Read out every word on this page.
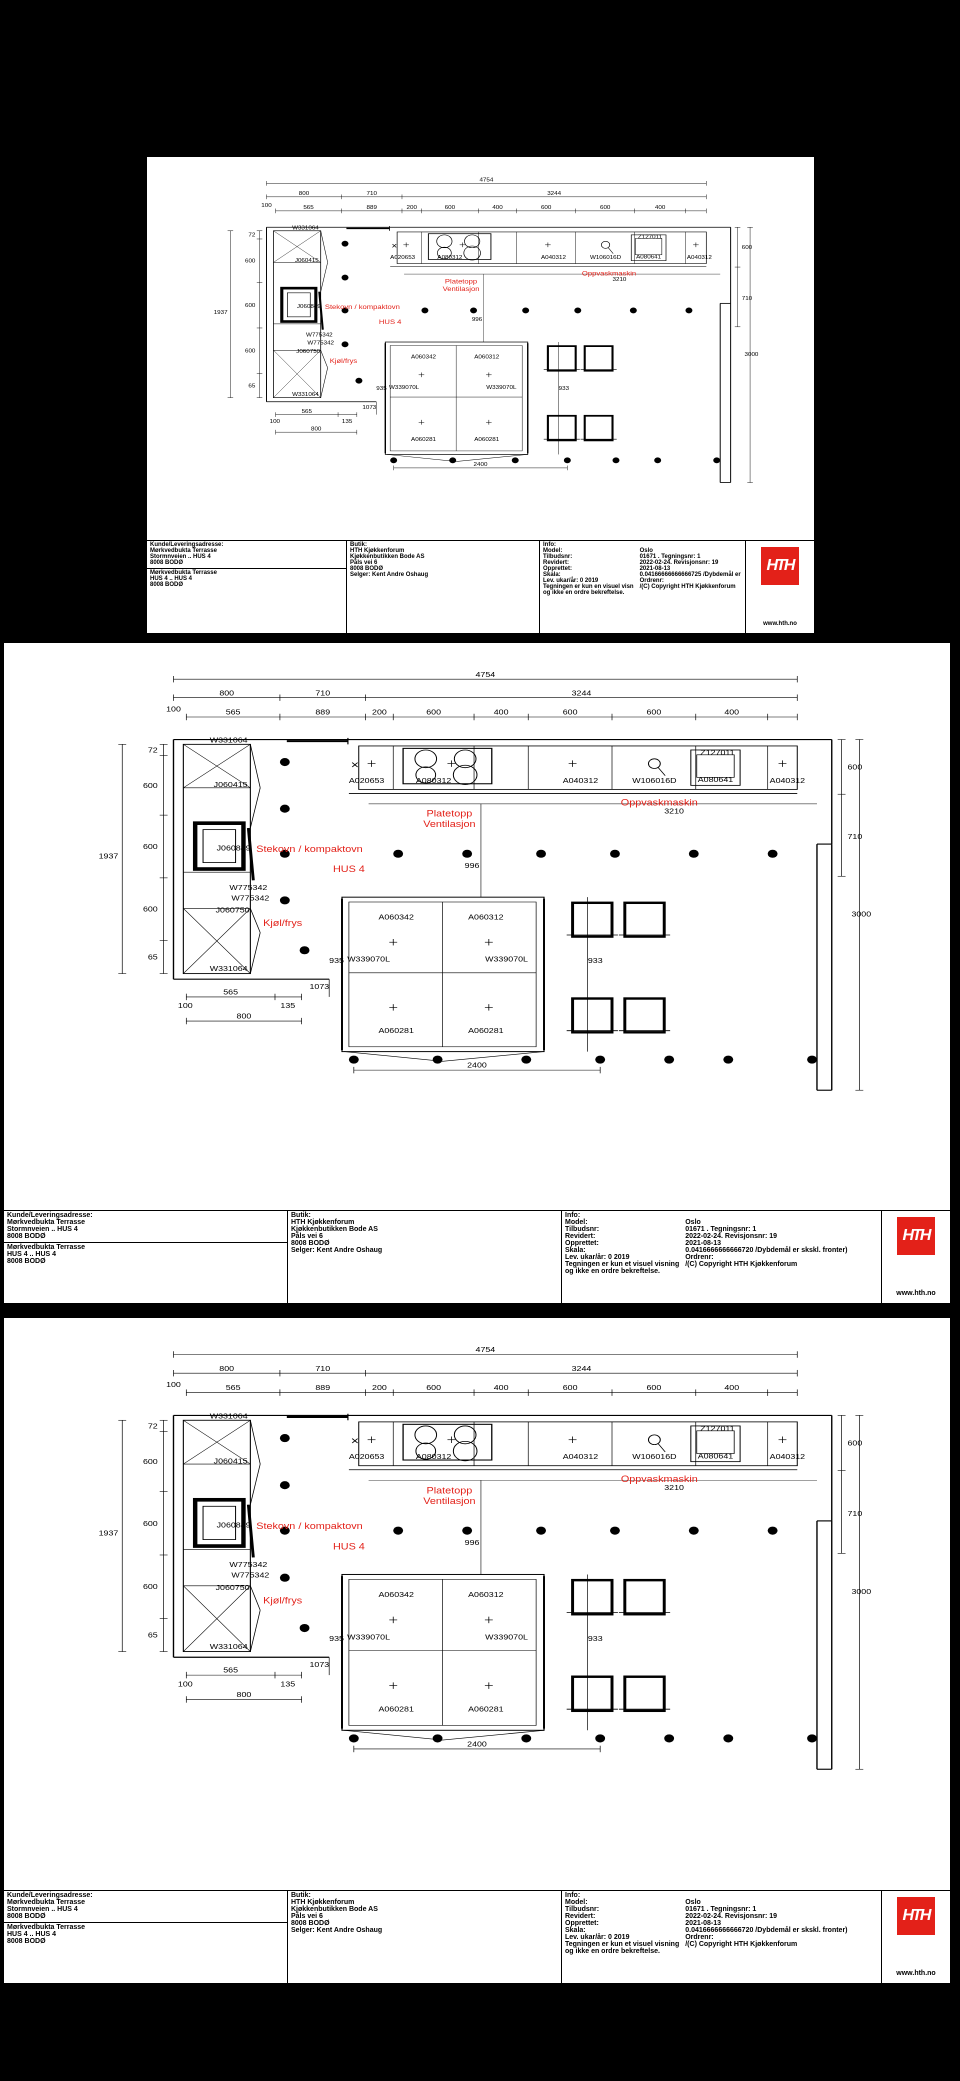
4754
800	710	3244
100	565	889	200	600	400	600	600	400
72
600
600
600
65
1937
W331064
J060415
J060849
W775342
W775342
J060750
W331064
×
A020653 A080312	A040312	W106016D
Z127011
A080641	A040312
600
710
3000
3210
A060342	A060312
W339070L	W339070L
A060281	A060281
935	933
996
1073
2400
565
100	135
800
Platetopp
Ventilasjon
Oppvaskmaskin
Stekovn / kompaktovn
HUS 4
Kjøl/frys
Kunde/Leveringsadresse:
Mørkvedbukta Terrasse
Stormnveien .. HUS 4
8008 BODØ
Mørkvedbukta Terrasse
HUS 4 .. HUS 4
8008 BODØ
Butik:
HTH Kjøkkenforum
Kjøkkenbutikken Bode AS
Påls vei 6
8008 BODØ
Selger: Kent Andre Oshaug
Info:
Model:	Oslo
Tilbudsnr:	01671 . Tegningsnr: 1
Revidert:	2022-02-24. Revisjonsnr: 19
Opprettet:	2021-08-13
Skala:	0.04166666666666725 /Dybdemål er
Lev. ukar/år: 0 2019	Ordrenr:
Tegningen er kun en visuel visn	/(C) Copyright HTH Kjøkkenforum
og ikke en ordre bekreftelse.	
HTH
www.hth.no
4754
800	710	3244
100	565	889	200	600	400	600	600	400
72
600
600
600
65
1937
W331064
J060415
J060849
W775342
W775342
J060750
W331064
×
A020653	A080312	A040312	W106016D
Z127011
A080641	A040312
600
710
3000
3210
A060342	A060312
W339070L	W339070L
A060281	A060281
935	933
996
1073
2400
565
100	135
800
Platetopp
Ventilasjon
Oppvaskmaskin
Stekovn / kompaktovn
HUS 4
Kjøl/frys
Kunde/Leveringsadresse:
Mørkvedbukta Terrasse
Stormnveien .. HUS 4
8008 BODØ
Mørkvedbukta Terrasse
HUS 4 .. HUS 4
8008 BODØ
Butik:
HTH Kjøkkenforum
Kjøkkenbutikken Bode AS
Påls vei 6
8008 BODØ
Selger: Kent Andre Oshaug
Info:
Model:	Oslo
Tilbudsnr:	01671 . Tegningsnr: 1
Revidert:	2022-02-24. Revisjonsnr: 19
Opprettet:	2021-08-13
Skala:	0.0416666666666720 /Dybdemål er skskl. fronter)
Lev. ukar/år: 0 2019	Ordrenr:
Tegningen er kun et visuel visning	/(C) Copyright HTH Kjøkkenforum
og ikke en ordre bekreftelse.	
HTH
www.hth.no
4754
800	710	3244
100	565	889	200	600	400	600	600	400
72
600
600
600
65
1937
W331064
J060415
J060849
W775342
W775342
J060750
W331064
×
A020653	A080312	A040312	W106016D
Z127011
A080641	A040312
600
710
3000
3210
A060342	A060312
W339070L	W339070L
A060281	A060281
935	933
996
1073
2400
565
100	135
800
Platetopp
Ventilasjon
Oppvaskmaskin
Stekovn / kompaktovn
HUS 4
Kjøl/frys
Kunde/Leveringsadresse:
Mørkvedbukta Terrasse
Stormnveien .. HUS 4
8008 BODØ
Mørkvedbukta Terrasse
HUS 4 .. HUS 4
8008 BODØ
Butik:
HTH Kjøkkenforum
Kjøkkenbutikken Bode AS
Påls vei 6
8008 BODØ
Selger: Kent Andre Oshaug
Info:
Model:	Oslo
Tilbudsnr:	01671 . Tegningsnr: 1
Revidert:	2022-02-24. Revisjonsnr: 19
Opprettet:	2021-08-13
Skala:	0.0416666666666720 /Dybdemål er skskl. fronter)
Lev. ukar/år: 0 2019	Ordrenr:
Tegningen er kun et visuel visning	/(C) Copyright HTH Kjøkkenforum
og ikke en ordre bekreftelse.	
HTH
www.hth.no
